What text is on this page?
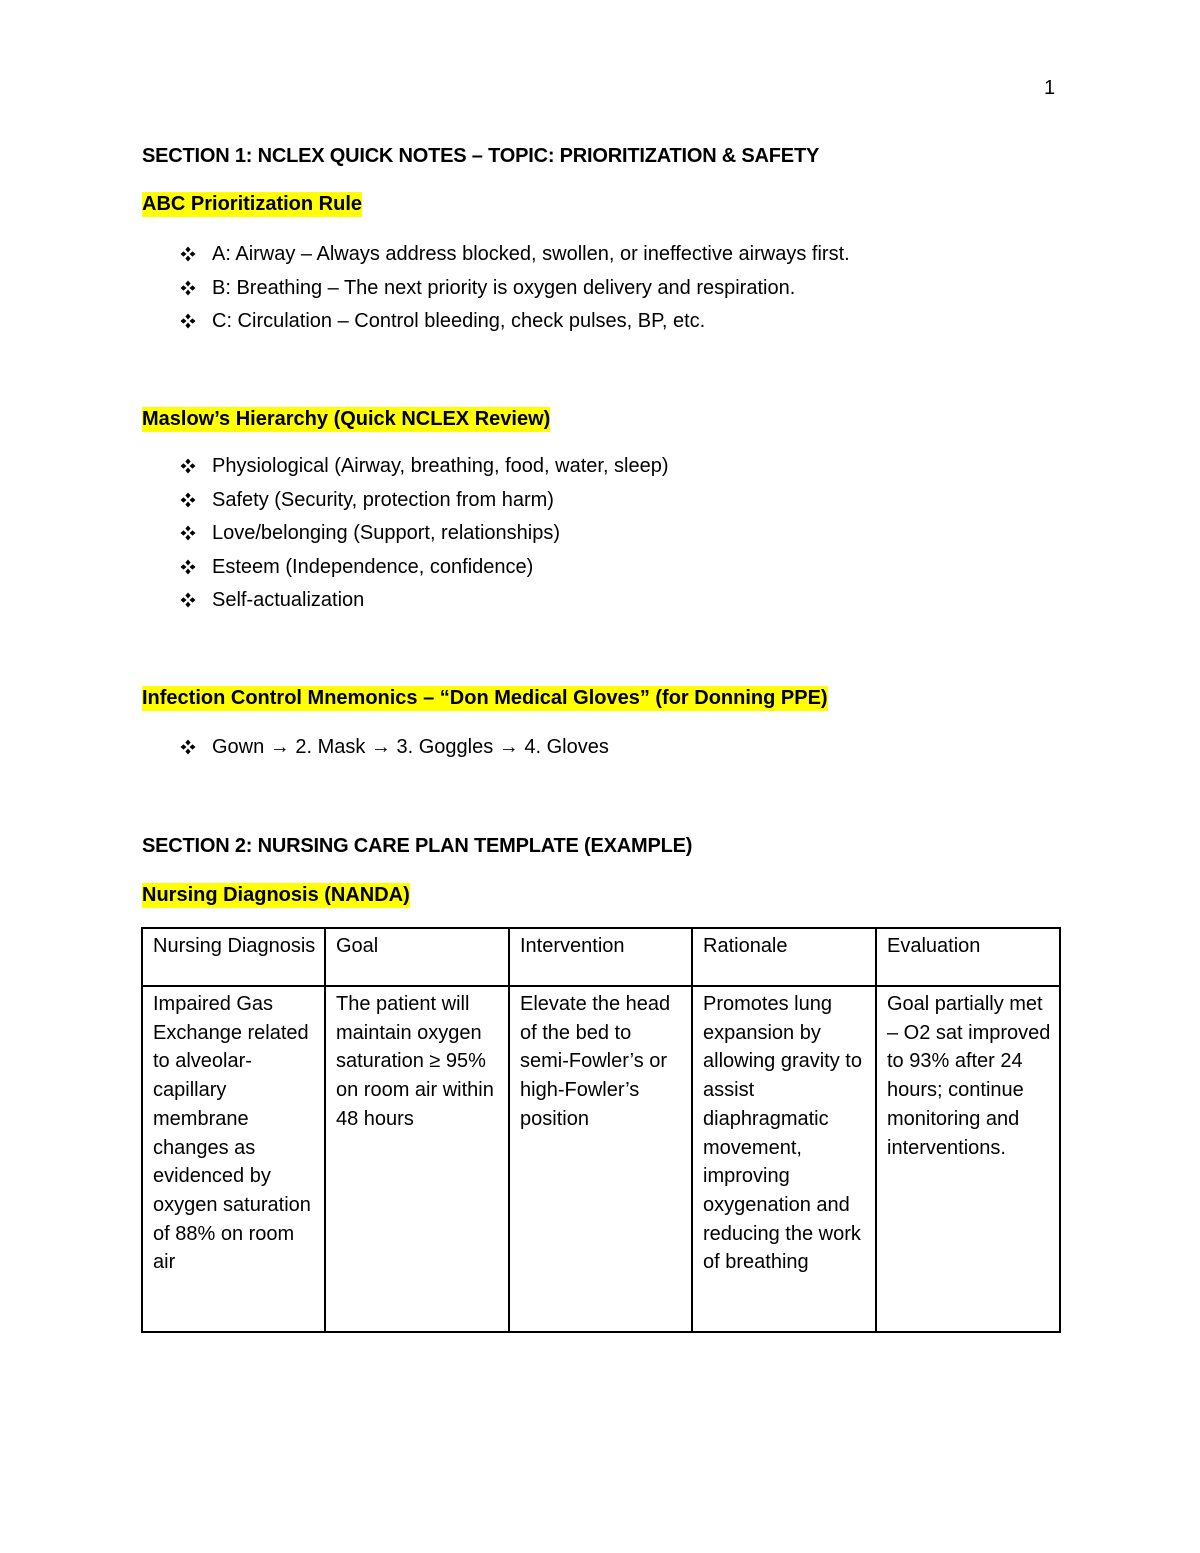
1
SECTION 1: NCLEX QUICK NOTES – TOPIC: PRIORITIZATION & SAFETY
ABC Prioritization Rule
A: Airway – Always address blocked, swollen, or ineffective airways first.
B: Breathing – The next priority is oxygen delivery and respiration.
C: Circulation – Control bleeding, check pulses, BP, etc.
Maslow’s Hierarchy (Quick NCLEX Review)
Physiological (Airway, breathing, food, water, sleep)
Safety (Security, protection from harm)
Love/belonging (Support, relationships)
Esteem (Independence, confidence)
Self-actualization
Infection Control Mnemonics – “Don Medical Gloves” (for Donning PPE)
Gown → 2. Mask → 3. Goggles → 4. Gloves
SECTION 2: NURSING CARE PLAN TEMPLATE (EXAMPLE)
Nursing Diagnosis (NANDA)
Nursing Diagnosis	Goal	Intervention	Rationale	Evaluation
Impaired Gas Exchange related to alveolar-capillary membrane changes as evidenced by oxygen saturation of 88% on room air	The patient will maintain oxygen saturation ≥ 95% on room air within 48 hours	Elevate the head of the bed to semi-Fowler’s or high-Fowler’s position	Promotes lung expansion by allowing gravity to assist diaphragmatic movement, improving oxygenation and reducing the work of breathing	Goal partially met – O2 sat improved to 93% after 24 hours; continue monitoring and interventions.
